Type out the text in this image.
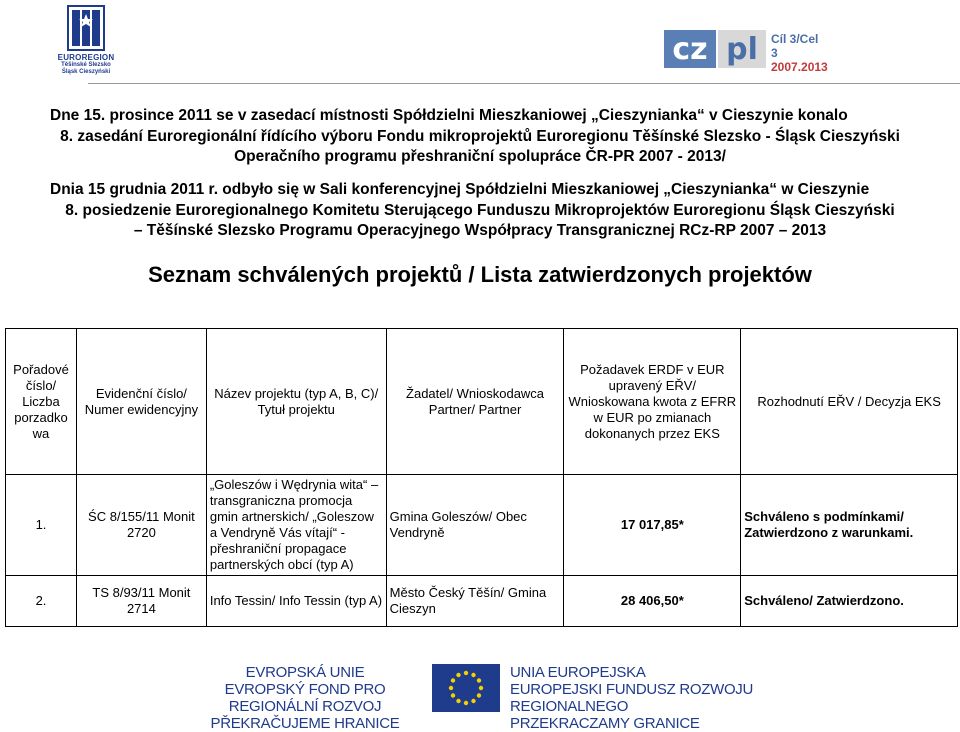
EUROREGION
Těšínské Slezsko
Śląsk Cieszyński
cz pl	Cíl 3/Cel 3
2007.2013
Dne 15. prosince 2011 se v zasedací místnosti Spółdzielni Mieszkaniowej „Cieszynianka“ v Cieszynie konalo
8. zasedání Euroregionální řídícího výboru Fondu mikroprojektů Euroregionu Těšínské Slezsko - Śląsk Cieszyński
Operačního programu přeshraniční spolupráce ČR-PR 2007 - 2013/
Dnia 15 grudnia 2011 r. odbyło się w Sali konferencyjnej Spółdzielni Mieszkaniowej „Cieszynianka“ w Cieszynie
8. posiedzenie Euroregionalnego Komitetu Sterującego Funduszu Mikroprojektów Euroregionu Śląsk Cieszyński
– Těšínské Slezsko Programu Operacyjnego Współpracy Transgranicznej RCz-RP 2007 – 2013
Seznam schválených projektů / Lista zatwierdzonych projektów
Pořadové číslo/ Liczba porzadko wa	Evidenční číslo/ Numer ewidencyjny	Název projektu (typ A, B, C)/ Tytuł projektu	Žadatel/ Wnioskodawca Partner/ Partner	Požadavek ERDF v EUR upravený EŘV/ Wnioskowana kwota z EFRR w EUR po zmianach dokonanych przez EKS	Rozhodnutí EŘV / Decyzja EKS
1.	ŚC 8/155/11 Monit 2720	„Goleszów i Wędrynia wita“ – transgraniczna promocja gmin artnerskich/ „Goleszow a Vendryně Vás vítají“ - přeshraniční propagace partnerských obcí (typ A)	Gmina Goleszów/ Obec Vendryně	17 017,85*	Schváleno s podmínkami/ Zatwierdzono z warunkami.
2.	TS 8/93/11 Monit 2714	Info Tessin/ Info Tessin (typ A)	Město Český Těšín/ Gmina Cieszyn	28 406,50*	Schváleno/ Zatwierdzono.
EVROPSKÁ UNIE
EVROPSKÝ FOND PRO REGIONÁLNÍ ROZVOJ
PŘEKRAČUJEME HRANICE
UNIA EUROPEJSKA
EUROPEJSKI FUNDUSZ ROZWOJU REGIONALNEGO
PRZEKRACZAMY GRANICE
